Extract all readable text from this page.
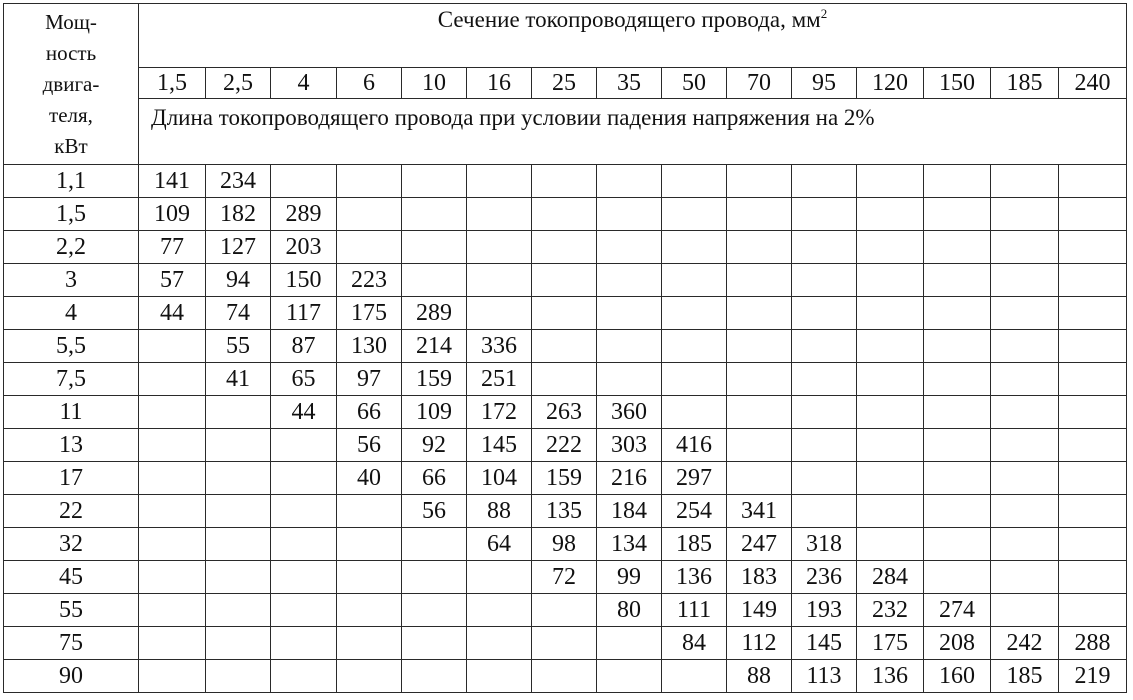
Мощ-
ность
двига-
теля,
кВт	Сечение токопроводящего провода, $мм^2$
	1,5	2,5	4	6	10	16	25	35	50	70	95	120	150	185	240
	Длина токопроводящего провода при условии падения напряжения на 2%														
1,1	141	234													
1,5	109	182	289												
2,2	77	127	203												
3	57	94	150	223											
4	44	74	117	175	289										
5,5		55	87	130	214	336									
7,5		41	65	97	159	251									
11			44	66	109	172	263	360							
13				56	92	145	222	303	416						
17				40	66	104	159	216	297						
22					56	88	135	184	254	341					
32						64	98	134	185	247	318				
45							72	99	136	183	236	284			
55								80	111	149	193	232	274		
75									84	112	145	175	208	242	288
90										88	113	136	160	185	219
